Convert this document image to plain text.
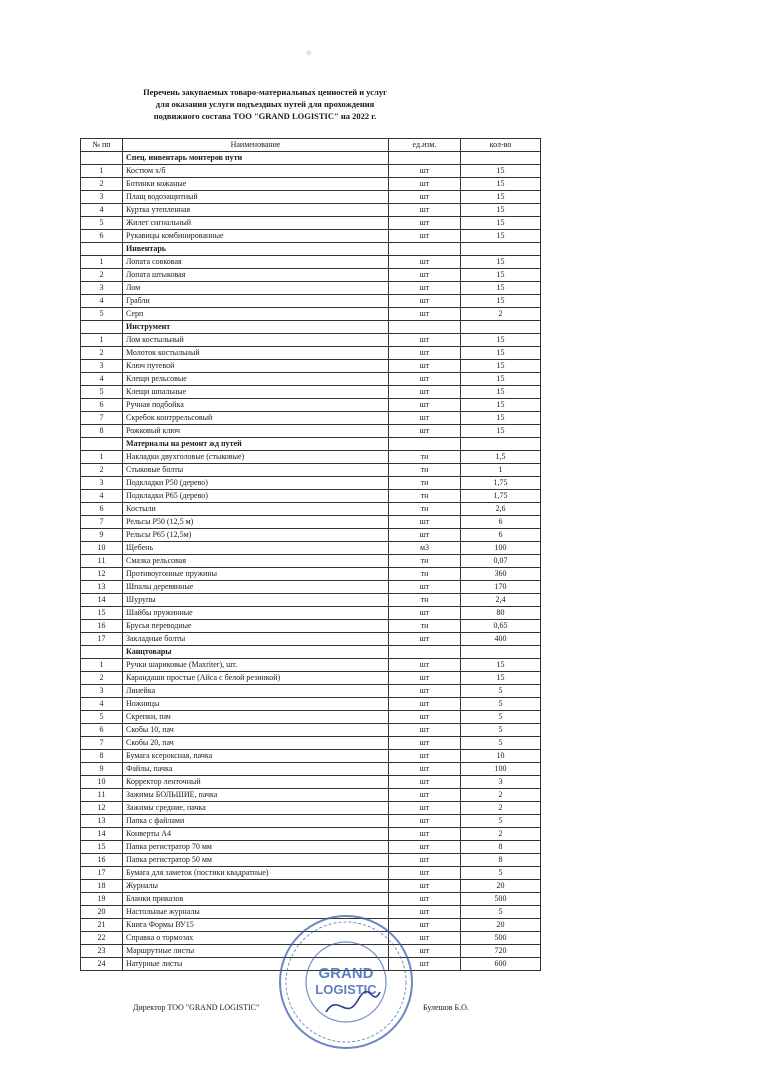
✧
Перечень закупаемых товаро-материальных ценностей и услуг
для оказания услуги подъездных путей для прохождения
подвижного состава ТОО "GRAND LOGISTIC" на 2022 г.
№ пп	Наименование	ед.изм.	кол-во
	Спец. инвентарь монтеров пути		
1	Костюм х/б	шт	15
2	Ботинки кожаные	шт	15
3	Плащ водозащитный	шт	15
4	Куртка утепленная	шт	15
5	Жилет сигнальный	шт	15
6	Рукавицы комбинированные	шт	15
	Инвентарь		
1	Лопата совковая	шт	15
2	Лопата штыковая	шт	15
3	Лом	шт	15
4	Грабли	шт	15
5	Серп	шт	2
	Инструмент		
1	Лом костыльный	шт	15
2	Молоток костыльный	шт	15
3	Ключ путевой	шт	15
4	Клещи рельсовые	шт	15
5	Клещи шпальные	шт	15
6	Ручная подбойка	шт	15
7	Скребок контррельсовый	шт	15
8	Рожковый ключ	шт	15
	Материалы на ремонт жд путей		
1	Накладки двухголовые (стыковые)	тн	1,5
2	Стыковые болты	тн	1
3	Подкладки Р50 (дерево)	тн	1,75
4	Подкладки Р65 (дерево)	тн	1,75
6	Костыли	тн	2,6
7	Рельсы Р50 (12,5 м)	шт	6
9	Рельсы Р65 (12,5м)	шт	6
10	Щебень	м3	100
11	Смазка рельсовая	тн	0,07
12	Противоугонные пружины	тн	360
13	Шпалы деревянные	шт	170
14	Шурупы	тн	2,4
15	Шайбы пружинные	шт	80
16	Брусья переводные	тн	0,65
17	Закладные болты	шт	400
	Канцтовары		
1	Ручки шариковые (Maxriter), шт.	шт	15
2	Карандаши простые (Айса с белой резинкой)	шт	15
3	Линейка	шт	5
4	Ножницы	шт	5
5	Скрепки, пач	шт	5
6	Скобы 10, пач	шт	5
7	Скобы 20, пач	шт	5
8	Бумага ксероксная, пачка	шт	10
9	Файлы, пачка	шт	100
10	Корректор ленточный	шт	3
11	Зажимы БОЛЬШИЕ, пачка	шт	2
12	Зажимы средние, пачка	шт	2
13	Папка с файлами	шт	5
14	Конверты А4	шт	2
15	Папка регистратор 70 мм	шт	8
16	Папка регистратор 50 мм	шт	8
17	Бумага для заметок (постики квадратные)	шт	5
18	Журналы	шт	20
19	Бланки приказов	шт	500
20	Настольные журналы	шт	5
21	Книга Формы ВУ15	шт	20
22	Справка о тормозах	шт	500
23	Маршрутные листы	шт	720
24	Натурные листы	шт	600
Директор ТОО "GRAND LOGISTIC"	Булешов Б.О.
GRAND
LOGISTIC
